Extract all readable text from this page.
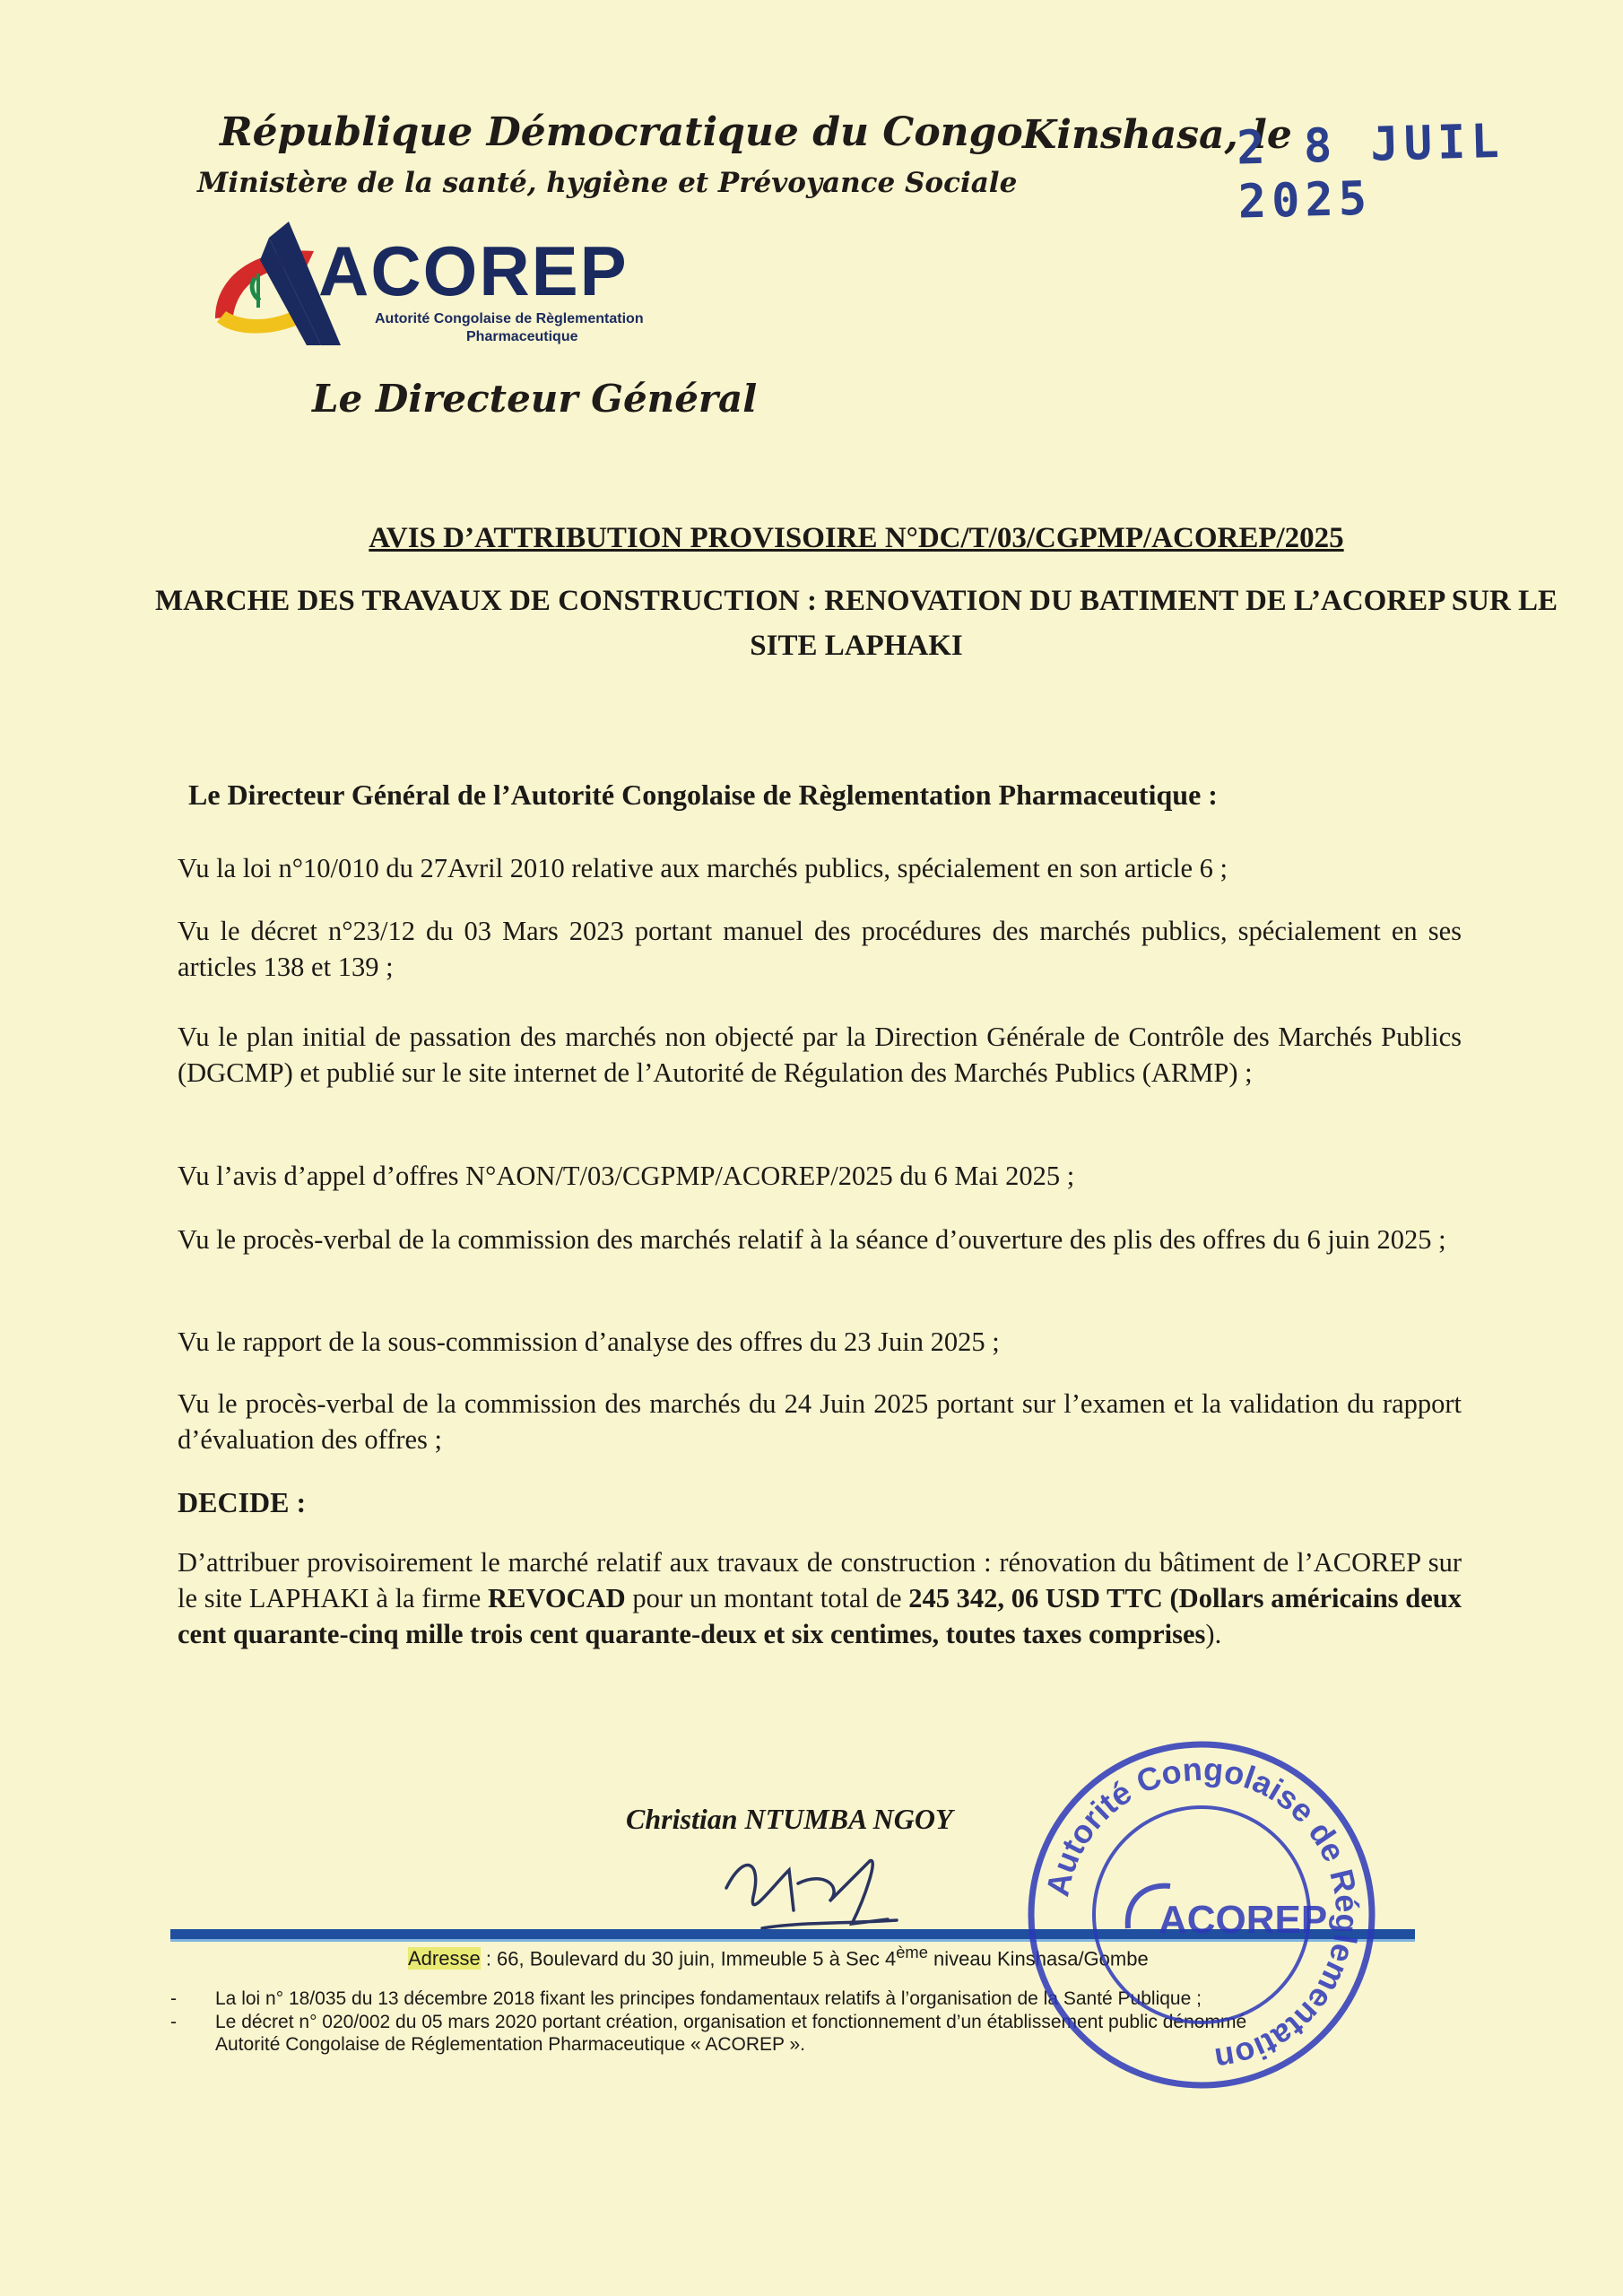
République Démocratique du Congo
Ministère de la santé, hygiène et Prévoyance Sociale
Kinshasa, le
2 8 JUIL 2025
ACOREP
Autorité Congolaise de Règlementation
Pharmaceutique
Le Directeur Général
AVIS D’ATTRIBUTION PROVISOIRE N°DC/T/03/CGPMP/ACOREP/2025
MARCHE DES TRAVAUX DE CONSTRUCTION : RENOVATION DU BATIMENT DE L’ACOREP SUR LE SITE LAPHAKI
Le Directeur Général de l’Autorité Congolaise de Règlementation Pharmaceutique :
Vu la loi n°10/010 du 27Avril 2010 relative aux marchés publics, spécialement en son article 6 ;
Vu le décret n°23/12 du 03 Mars 2023 portant manuel des procédures des marchés publics, spécialement en ses articles 138 et 139 ;
Vu le plan initial de passation des marchés non objecté par la Direction Générale de Contrôle des Marchés Publics (DGCMP) et publié sur le site internet de l’Autorité de Régulation des Marchés Publics (ARMP) ;
Vu l’avis d’appel d’offres N°AON/T/03/CGPMP/ACOREP/2025 du 6 Mai 2025 ;
Vu le procès-verbal de la commission des marchés relatif à la séance d’ouverture des plis des offres du 6 juin 2025 ;
Vu le rapport de la sous-commission d’analyse des offres du 23 Juin 2025 ;
Vu le procès-verbal de la commission des marchés du 24 Juin 2025 portant sur l’examen et la validation du rapport d’évaluation des offres ;
DECIDE :
D’attribuer provisoirement le marché relatif aux travaux de construction : rénovation du bâtiment de l’ACOREP sur le site LAPHAKI à la firme REVOCAD pour un montant total de 245 342, 06 USD TTC (Dollars américains deux cent quarante-cinq mille trois cent quarante-deux et six centimes, toutes taxes comprises).
Christian NTUMBA NGOY
Adresse : 66, Boulevard du 30 juin, Immeuble 5 à Sec 4ème niveau Kinshasa/Gombe
- La loi n° 18/035 du 13 décembre 2018 fixant les principes fondamentaux relatifs à l’organisation de la Santé Publique ;
- Le décret n° 020/002 du 05 mars 2020 portant création, organisation et fonctionnement d’un établissement public dénommé
Autorité Congolaise de Réglementation Pharmaceutique « ACOREP ».
Autorité Congolaise de Réglementation
ACOREP
